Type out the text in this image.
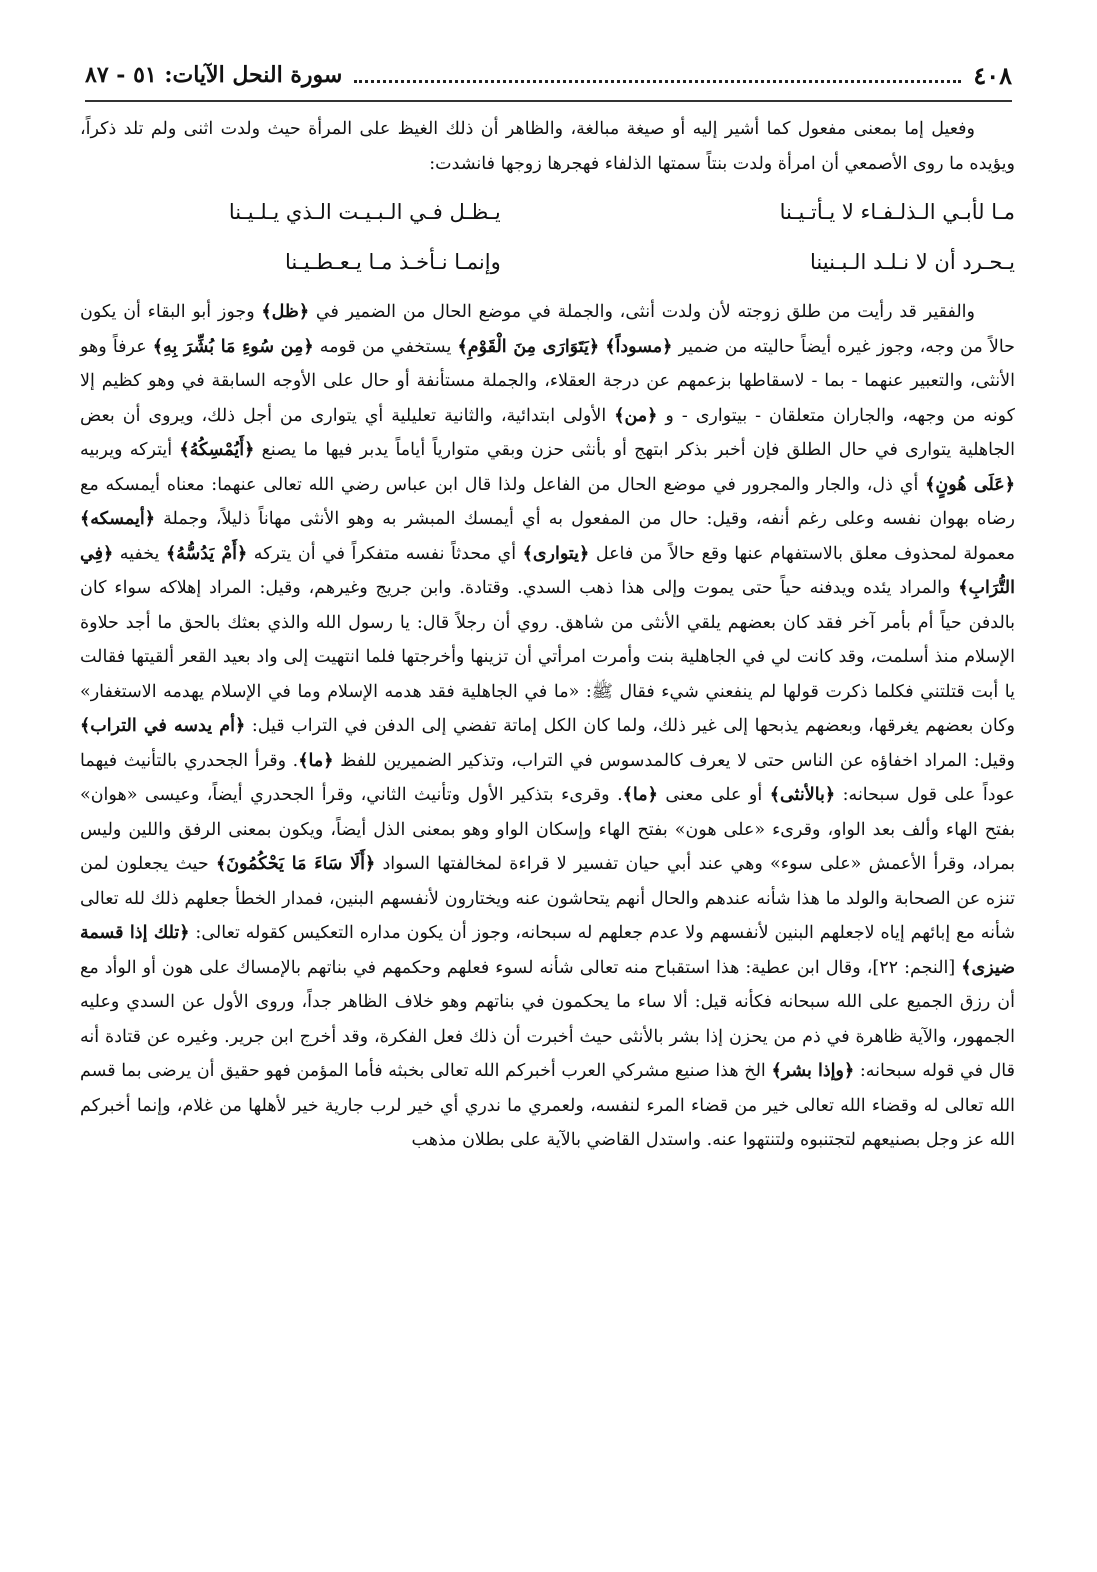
٤٠٨
سورة النحل الآيات: ٥١ - ٨٧

وفعيل إما بمعنى مفعول كما أشير إليه أو صيغة مبالغة، والظاهر أن ذلك الغيظ على المرأة حيث ولدت اثنى ولم تلد ذكراً، ويؤيده ما روى الأصمعي أن امرأة ولدت بنتاً سمتها الذلفاء فهجرها زوجها فانشدت:

مـا لأبـي الـذلـفـاء لا يـأتـيـنا
يـظـل فـي الـبـيـت الـذي يـلـيـنا
يـحـرد أن لا نـلـد الـبـنينا
وإنمـا نـأخـذ مـا يـعـطـيـنا

والفقير قد رأيت من طلق زوجته لأن ولدت أنثى، والجملة في موضع الحال من الضمير في ﴿ظل﴾ وجوز أبو البقاء أن يكون حالاً من وجه، وجوز غيره أيضاً حاليته من ضمير ﴿مسوداً﴾ ﴿يَتَوَارَى مِنَ الْقَوْمِ﴾ يستخفي من قومه ﴿مِن سُوءِ مَا بُشِّرَ بِهِ﴾ عرفاً وهو الأنثى، والتعبير عنهما - بما - لاسقاطها بزعمهم عن درجة العقلاء، والجملة مستأنفة أو حال على الأوجه السابقة في وهو كظيم إلا كونه من وجهه، والجاران متعلقان - بيتوارى - و ﴿من﴾ الأولى ابتدائية، والثانية تعليلية أي يتوارى من أجل ذلك، ويروى أن بعض الجاهلية يتوارى في حال الطلق فإن أخبر بذكر ابتهج أو بأنثى حزن وبقي متوارياً أياماً يدبر فيها ما يصنع ﴿أَيُمْسِكُهُ﴾ أيتركه ويربيه ﴿عَلَى هُونٍ﴾ أي ذل، والجار والمجرور في موضع الحال من الفاعل ولذا قال ابن عباس رضي الله تعالى عنهما: معناه أيمسكه مع رضاه بهوان نفسه وعلى رغم أنفه، وقيل: حال من المفعول به أي أيمسك المبشر به وهو الأنثى مهاناً ذليلاً، وجملة ﴿أيمسكه﴾ معمولة لمحذوف معلق بالاستفهام عنها وقع حالاً من فاعل ﴿يتوارى﴾ أي محدثاً نفسه متفكراً في أن يتركه ﴿أَمْ يَدُسُّهُ﴾ يخفيه ﴿فِي التُّرَابِ﴾ والمراد يئده ويدفنه حياً حتى يموت وإلى هذا ذهب السدي. وقتادة. وابن جريج وغيرهم، وقيل: المراد إهلاكه سواء كان بالدفن حياً أم بأمر آخر فقد كان بعضهم يلقي الأنثى من شاهق. روي أن رجلاً قال: يا رسول الله والذي بعثك بالحق ما أجد حلاوة الإسلام منذ أسلمت، وقد كانت لي في الجاهلية بنت وأمرت امرأتي أن تزينها وأخرجتها فلما انتهيت إلى واد بعيد القعر ألقيتها فقالت يا أبت قتلتني فكلما ذكرت قولها لم ينفعني شيء فقال ﷺ: «ما في الجاهلية فقد هدمه الإسلام وما في الإسلام يهدمه الاستغفار» وكان بعضهم يغرقها، وبعضهم يذبحها إلى غير ذلك، ولما كان الكل إماتة تفضي إلى الدفن في التراب قيل: ﴿أم يدسه في التراب﴾ وقيل: المراد اخفاؤه عن الناس حتى لا يعرف كالمدسوس في التراب، وتذكير الضميرين للفظ ﴿ما﴾. وقرأ الجحدري بالتأنيث فيهما عوداً على قول سبحانه: ﴿بالأنثى﴾ أو على معنى ﴿ما﴾. وقرىء بتذكير الأول وتأنيث الثاني، وقرأ الجحدري أيضاً، وعيسى «هوان» بفتح الهاء وألف بعد الواو، وقرىء «على هون» بفتح الهاء وإسكان الواو وهو بمعنى الذل أيضاً، ويكون بمعنى الرفق واللين وليس بمراد، وقرأ الأعمش «على سوء» وهي عند أبي حيان تفسير لا قراءة لمخالفتها السواد ﴿أَلَا سَاءَ مَا يَحْكُمُونَ﴾ حيث يجعلون لمن تنزه عن الصحابة والولد ما هذا شأنه عندهم والحال أنهم يتحاشون عنه ويختارون لأنفسهم البنين، فمدار الخطأ جعلهم ذلك لله تعالى شأنه مع إبائهم إياه لاجعلهم البنين لأنفسهم ولا عدم جعلهم له سبحانه، وجوز أن يكون مداره التعكيس كقوله تعالى: ﴿تلك إذا قسمة ضيزى﴾ [النجم: ٢٢]، وقال ابن عطية: هذا استقباح منه تعالى شأنه لسوء فعلهم وحكمهم في بناتهم بالإمساك على هون أو الوأد مع أن رزق الجميع على الله سبحانه فكأنه قيل: ألا ساء ما يحكمون في بناتهم وهو خلاف الظاهر جداً، وروى الأول عن السدي وعليه الجمهور، والآية ظاهرة في ذم من يحزن إذا بشر بالأنثى حيث أخبرت أن ذلك فعل الفكرة، وقد أخرج ابن جرير. وغيره عن قتادة أنه قال في قوله سبحانه: ﴿وإذا بشر﴾ الخ هذا صنيع مشركي العرب أخبركم الله تعالى بخبثه فأما المؤمن فهو حقيق أن يرضى بما قسم الله تعالى له وقضاء الله تعالى خير من قضاء المرء لنفسه، ولعمري ما ندري أي خير لرب جارية خير لأهلها من غلام، وإنما أخبركم الله عز وجل بصنيعهم لتجتنبوه ولتنتهوا عنه. واستدل القاضي بالآية على بطلان مذهب
